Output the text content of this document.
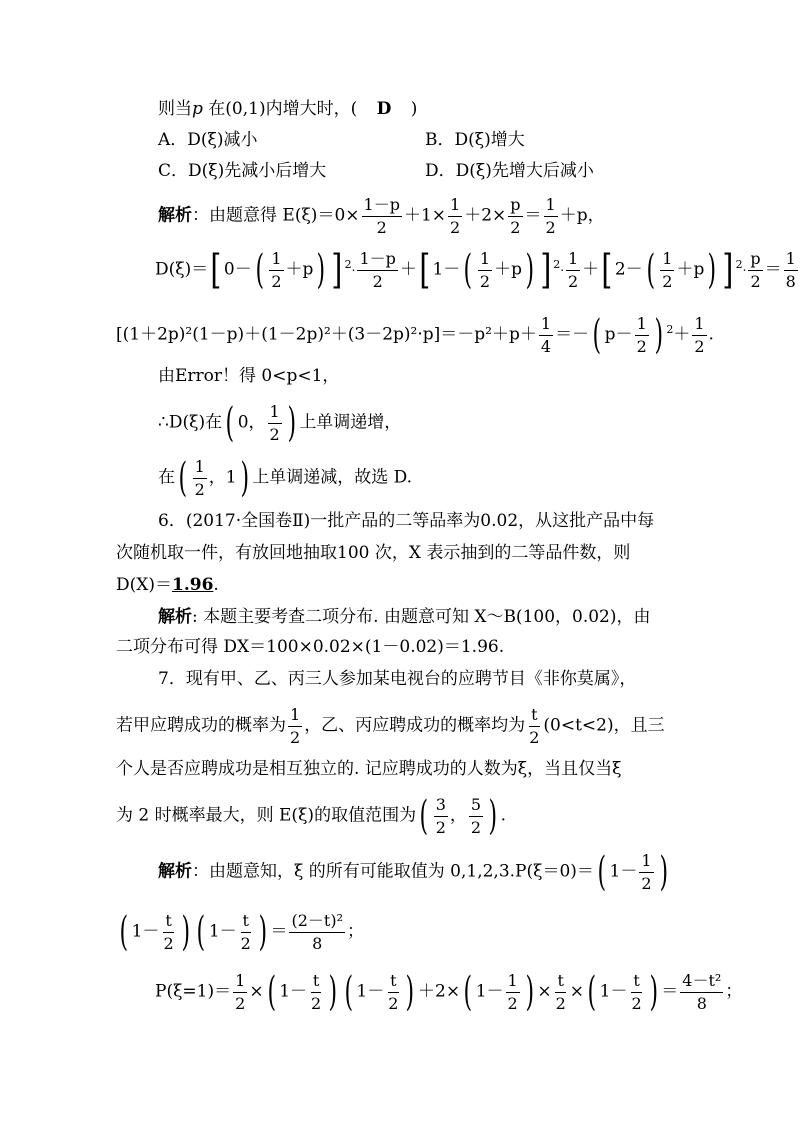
则当p 在(0,1)内增大时，( D )
A．D(ξ)减小	B．D(ξ)增大
C．D(ξ)先减小后增大	D．D(ξ)先增大后减小
解析：由题意得 $E(\xi)=0\times \frac{1-p}{2} +1\times \frac{1}{2} +2\times \frac{p}{2} = \frac{1}{2} +p$，
D(ξ)＝[ $0-( \frac{1}{2} +p)$ ] $^2\cdot \frac{1-p}{2}$ ＋[ $1-( \frac{1}{2} +p)$ ] $^2\cdot \frac{1}{2}$ ＋[ $2-( \frac{1}{2} +p)$ ] $^2\cdot \frac{p}{2} = \frac{1}{8}$
$[(1+2p)^2(1-p)+(1-2p)^2+(3-2p)^2\cdot p]=-p^2+p+ \frac{1}{4}$ ＝－( $p- \frac{1}{2}$ ) $^2+ \frac{1}{2}$ .
由Error！得 0<p<1，
∴D(ξ)在( 0， $\frac{1}{2}$ ) 上单调递增，
在( $\frac{1}{2}$ ，1) 上单调递减，故选 D.
6．(2017·全国卷Ⅱ)一批产品的二等品率为0.02，从这批产品中每
次随机取一件，有放回地抽取100 次，X 表示抽到的二等品件数，则
D(X)＝1.96.
解析: 本题主要考查二项分布. 由题意可知 X～B(100，0.02)，由
二项分布可得 DX＝100×0.02×(1－0.02)＝1.96.
7．现有甲、乙、丙三人参加某电视台的应聘节目《非你莫属》，
若甲应聘成功的概率为 $\frac{1}{2}$ ，乙、丙应聘成功的概率均为 $\frac{t}{2} (0<t<2)$，且三
个人是否应聘成功是相互独立的. 记应聘成功的人数为ξ，当且仅当ξ
为 2 时概率最大，则 E(ξ)的取值范围为( $\frac{3}{2}$ ， $\frac{5}{2}$ ) .
解析：由题意知，ξ 的所有可能取值为 0,1,2,3.P(ξ＝0)＝( $1- \frac{1}{2}$ )
( $1- \frac{t}{2}$ ) ( $1- \frac{t}{2}$ ) ＝ $\frac{\text{(2－t)²}}{8}$ ；
$P(\xi=1)= \frac{1}{2}$ ×( $1- \frac{t}{2}$ ) ( $1- \frac{t}{2}$ ) ＋2×( $1- \frac{1}{2}$ ) × $\frac{t}{2}$ ×( $1- \frac{t}{2}$ ) ＝ $\frac{\text{4－t²}}{8}$ ；
